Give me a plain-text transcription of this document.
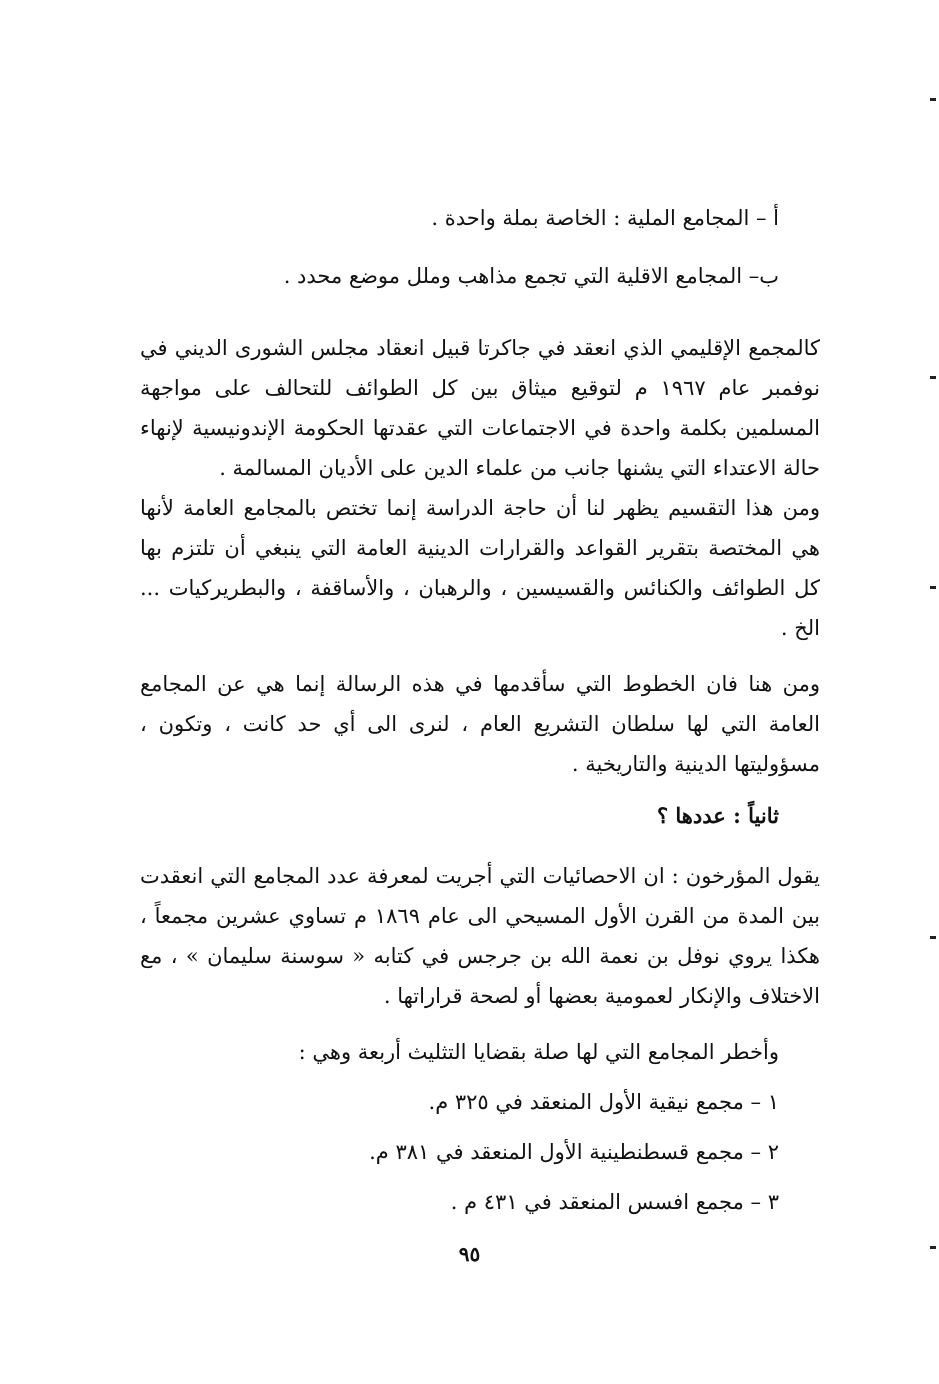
أ – المجامع الملية : الخاصة بملة واحدة .
ب– المجامع الاقلية التي تجمع مذاهب وملل موضع محدد .
كالمجمع الإقليمي الذي انعقد في جاكرتا قبيل انعقاد مجلس الشورى الديني في نوفمبر عام ١٩٦٧ م لتوقيع ميثاق بين كل الطوائف للتحالف على مواجهة المسلمين بكلمة واحدة في الاجتماعات التي عقدتها الحكومة الإندونيسية لإنهاء حالة الاعتداء التي يشنها جانب من علماء الدين على الأديان المسالمة .
ومن هذا التقسيم يظهر لنا أن حاجة الدراسة إنما تختص بالمجامع العامة لأنها هي المختصة بتقرير القواعد والقرارات الدينية العامة التي ينبغي أن تلتزم بها كل الطوائف والكنائس والقسيسين ، والرهبان ، والأساقفة ، والبطريركيات ... الخ .
ومن هنا فان الخطوط التي سأقدمها في هذه الرسالة إنما هي عن المجامع العامة التي لها سلطان التشريع العام ، لنرى الى أي حد كانت ، وتكون ، مسؤوليتها الدينية والتاريخية .
ثانياً : عددها ؟
يقول المؤرخون : ان الاحصائيات التي أجريت لمعرفة عدد المجامع التي انعقدت بين المدة من القرن الأول المسيحي الى عام ١٨٦٩ م تساوي عشرين مجمعاً ، هكذا يروي نوفل بن نعمة الله بن جرجس في كتابه « سوسنة سليمان » ، مع الاختلاف والإنكار لعمومية بعضها أو لصحة قراراتها .
وأخطر المجامع التي لها صلة بقضايا التثليث أربعة وهي :
١ – مجمع نيقية الأول المنعقد في ٣٢٥ م.
٢ – مجمع قسطنطينية الأول المنعقد في ٣٨١ م.
٣ – مجمع افسس المنعقد في ٤٣١ م .
٩٥
